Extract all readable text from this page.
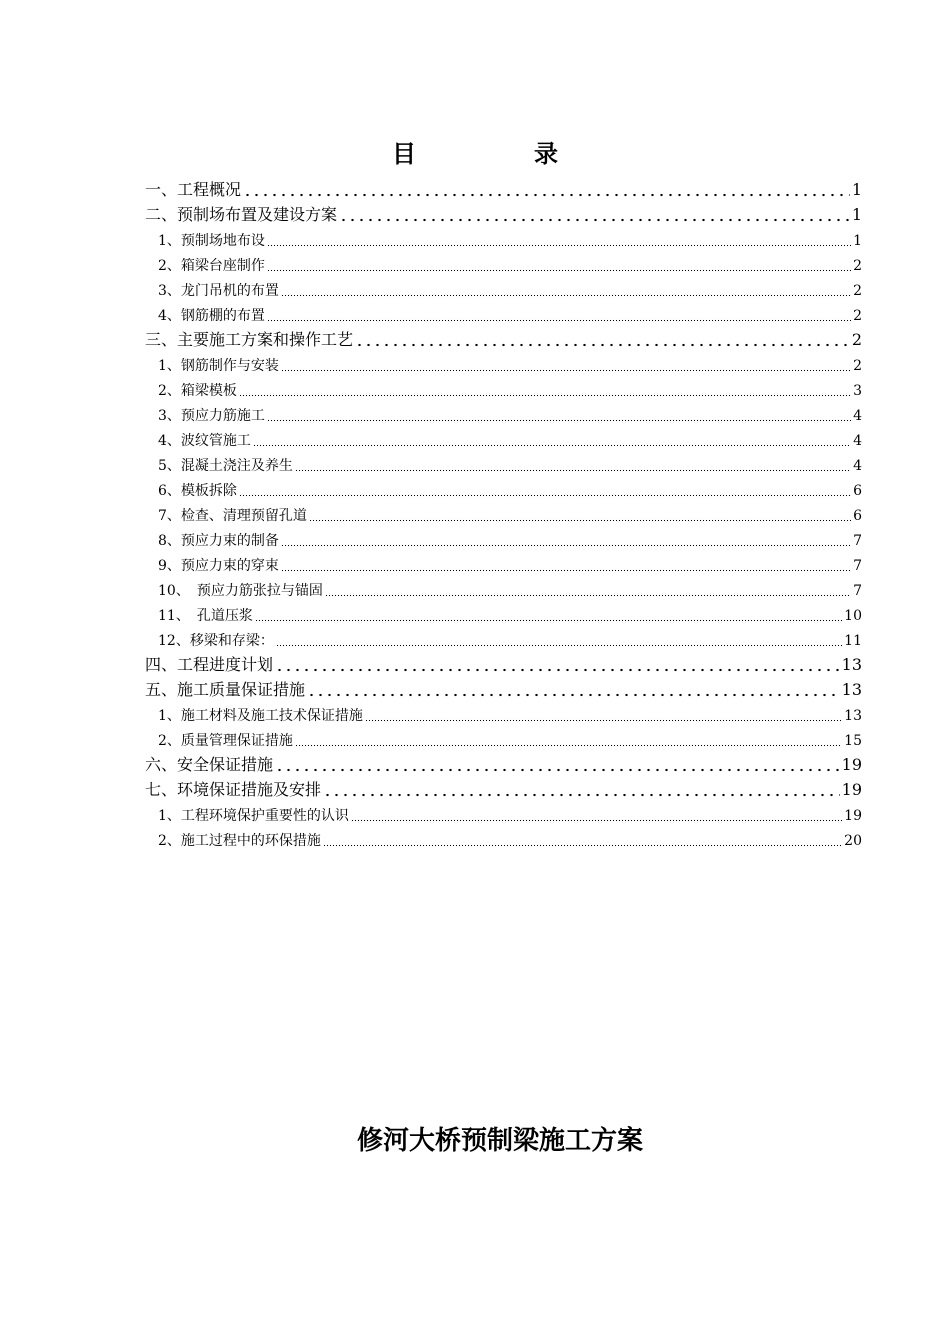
目	录
一、工程概况	1
二、预制场布置及建设方案	1
1、预制场地布设	1
2、箱梁台座制作	2
3、龙门吊机的布置	2
4、钢筋棚的布置	2
三、主要施工方案和操作工艺	2
1、钢筋制作与安装	2
2、箱梁模板	3
3、预应力筋施工	4
4、波纹管施工	4
5、混凝土浇注及养生	4
6、模板拆除	6
7、检查、清理预留孔道	6
8、预应力束的制备	7
9、预应力束的穿束	7
10、　预应力筋张拉与锚固	7
11、　孔道压浆	10
12、移梁和存梁：	11
四、工程进度计划	13
五、施工质量保证措施	13
1、施工材料及施工技术保证措施	13
2、质量管理保证措施	15
六、安全保证措施	19
七、环境保证措施及安排	19
1、工程环境保护重要性的认识	19
2、施工过程中的环保措施	20
修河大桥预制梁施工方案
